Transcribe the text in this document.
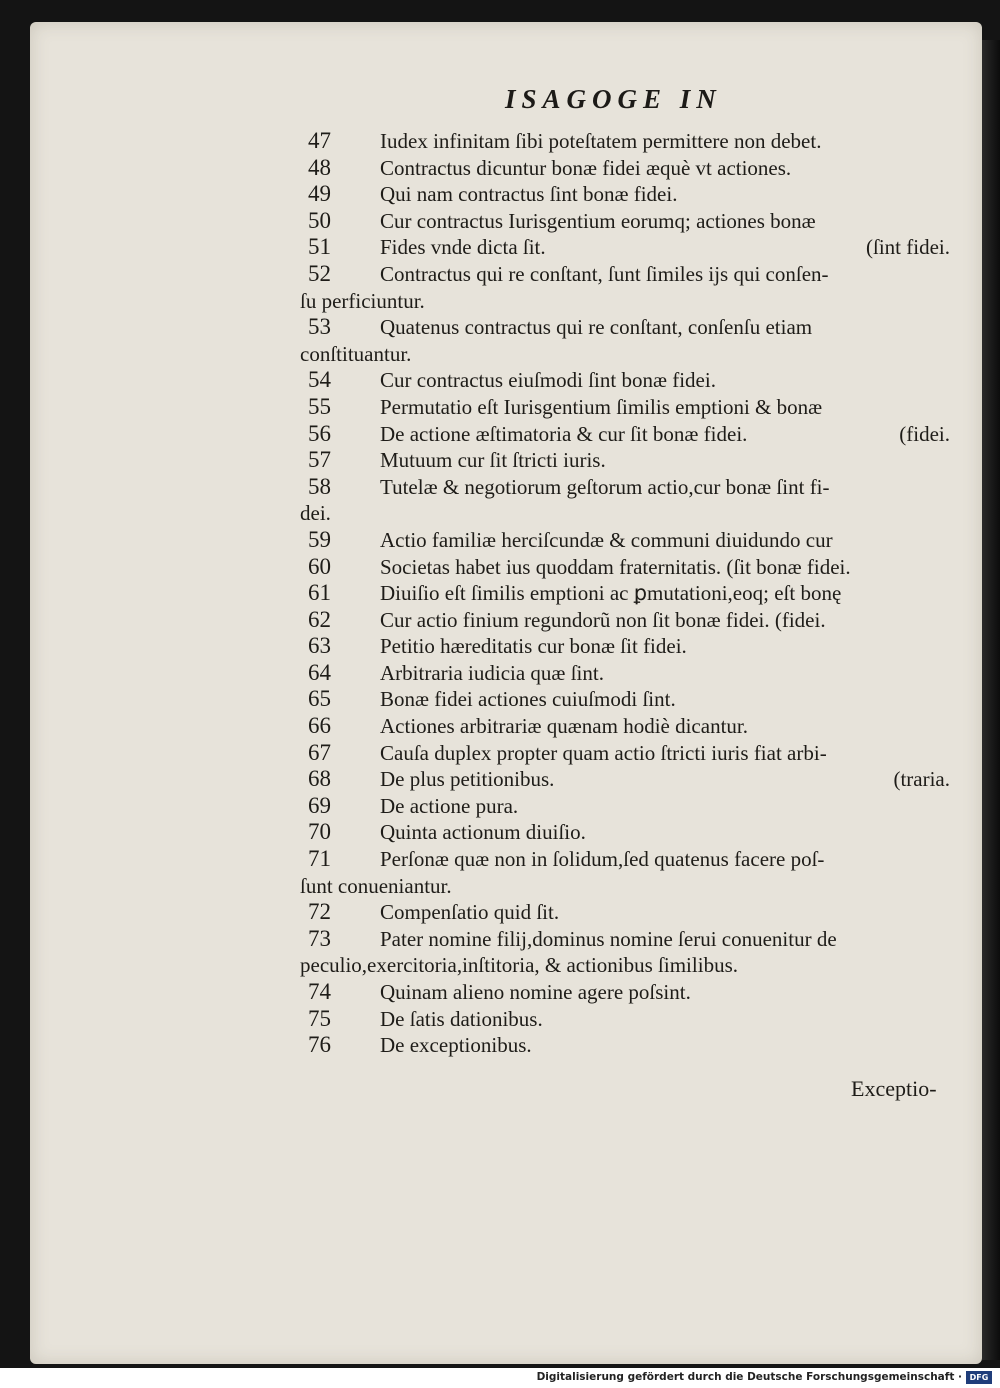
ISAGOGE IN
47 Iudex infinitam ſibi poteſtatem permittere non debet.
48 Contractus dicuntur bonæ fidei æquè vt actiones.
49 Qui nam contractus ſint bonæ fidei.
50 Cur contractus Iurisgentium eorumq; actiones bonæ
51 Fides vnde dicta ſit.	(ſint fidei.
52 Contractus qui re conſtant, ſunt ſimiles ijs qui conſen-
ſu perficiuntur.
53 Quatenus contractus qui re conſtant, conſenſu etiam
conſtituantur.
54 Cur contractus eiuſmodi ſint bonæ fidei.
55 Permutatio eſt Iurisgentium ſimilis emptioni & bonæ
56 De actione æſtimatoria & cur ſit bonæ fidei.	(fidei.
57 Mutuum cur ſit ſtricti iuris.
58 Tutelæ & negotiorum geſtorum actio,cur bonæ ſint fi-
dei.
59 Actio familiæ herciſcundæ & communi diuidundo cur
60 Societas habet ius quoddam fraternitatis. (ſit bonæ fidei.
61 Diuiſio eſt ſimilis emptioni ac ꝑmutationi,eoq; eſt bonę
62 Cur actio finium regundorũ non ſit bonæ fidei. (fidei.
63 Petitio hæreditatis cur bonæ ſit fidei.
64 Arbitraria iudicia quæ ſint.
65 Bonæ fidei actiones cuiuſmodi ſint.
66 Actiones arbitrariæ quænam hodiè dicantur.
67 Cauſa duplex propter quam actio ſtricti iuris fiat arbi-
68 De plus petitionibus.	(traria.
69 De actione pura.
70 Quinta actionum diuiſio.
71 Perſonæ quæ non in ſolidum,ſed quatenus facere poſ-
ſunt conueniantur.
72 Compenſatio quid ſit.
73 Pater nomine filij,dominus nomine ſerui conuenitur de
peculio,exercitoria,inſtitoria, & actionibus ſimilibus.
74 Quinam alieno nomine agere poſsint.
75 De ſatis dationibus.
76 De exceptionibus.
Exceptio-
Digitalisierung gefördert durch die Deutsche Forschungsgemeinschaft · DFG
